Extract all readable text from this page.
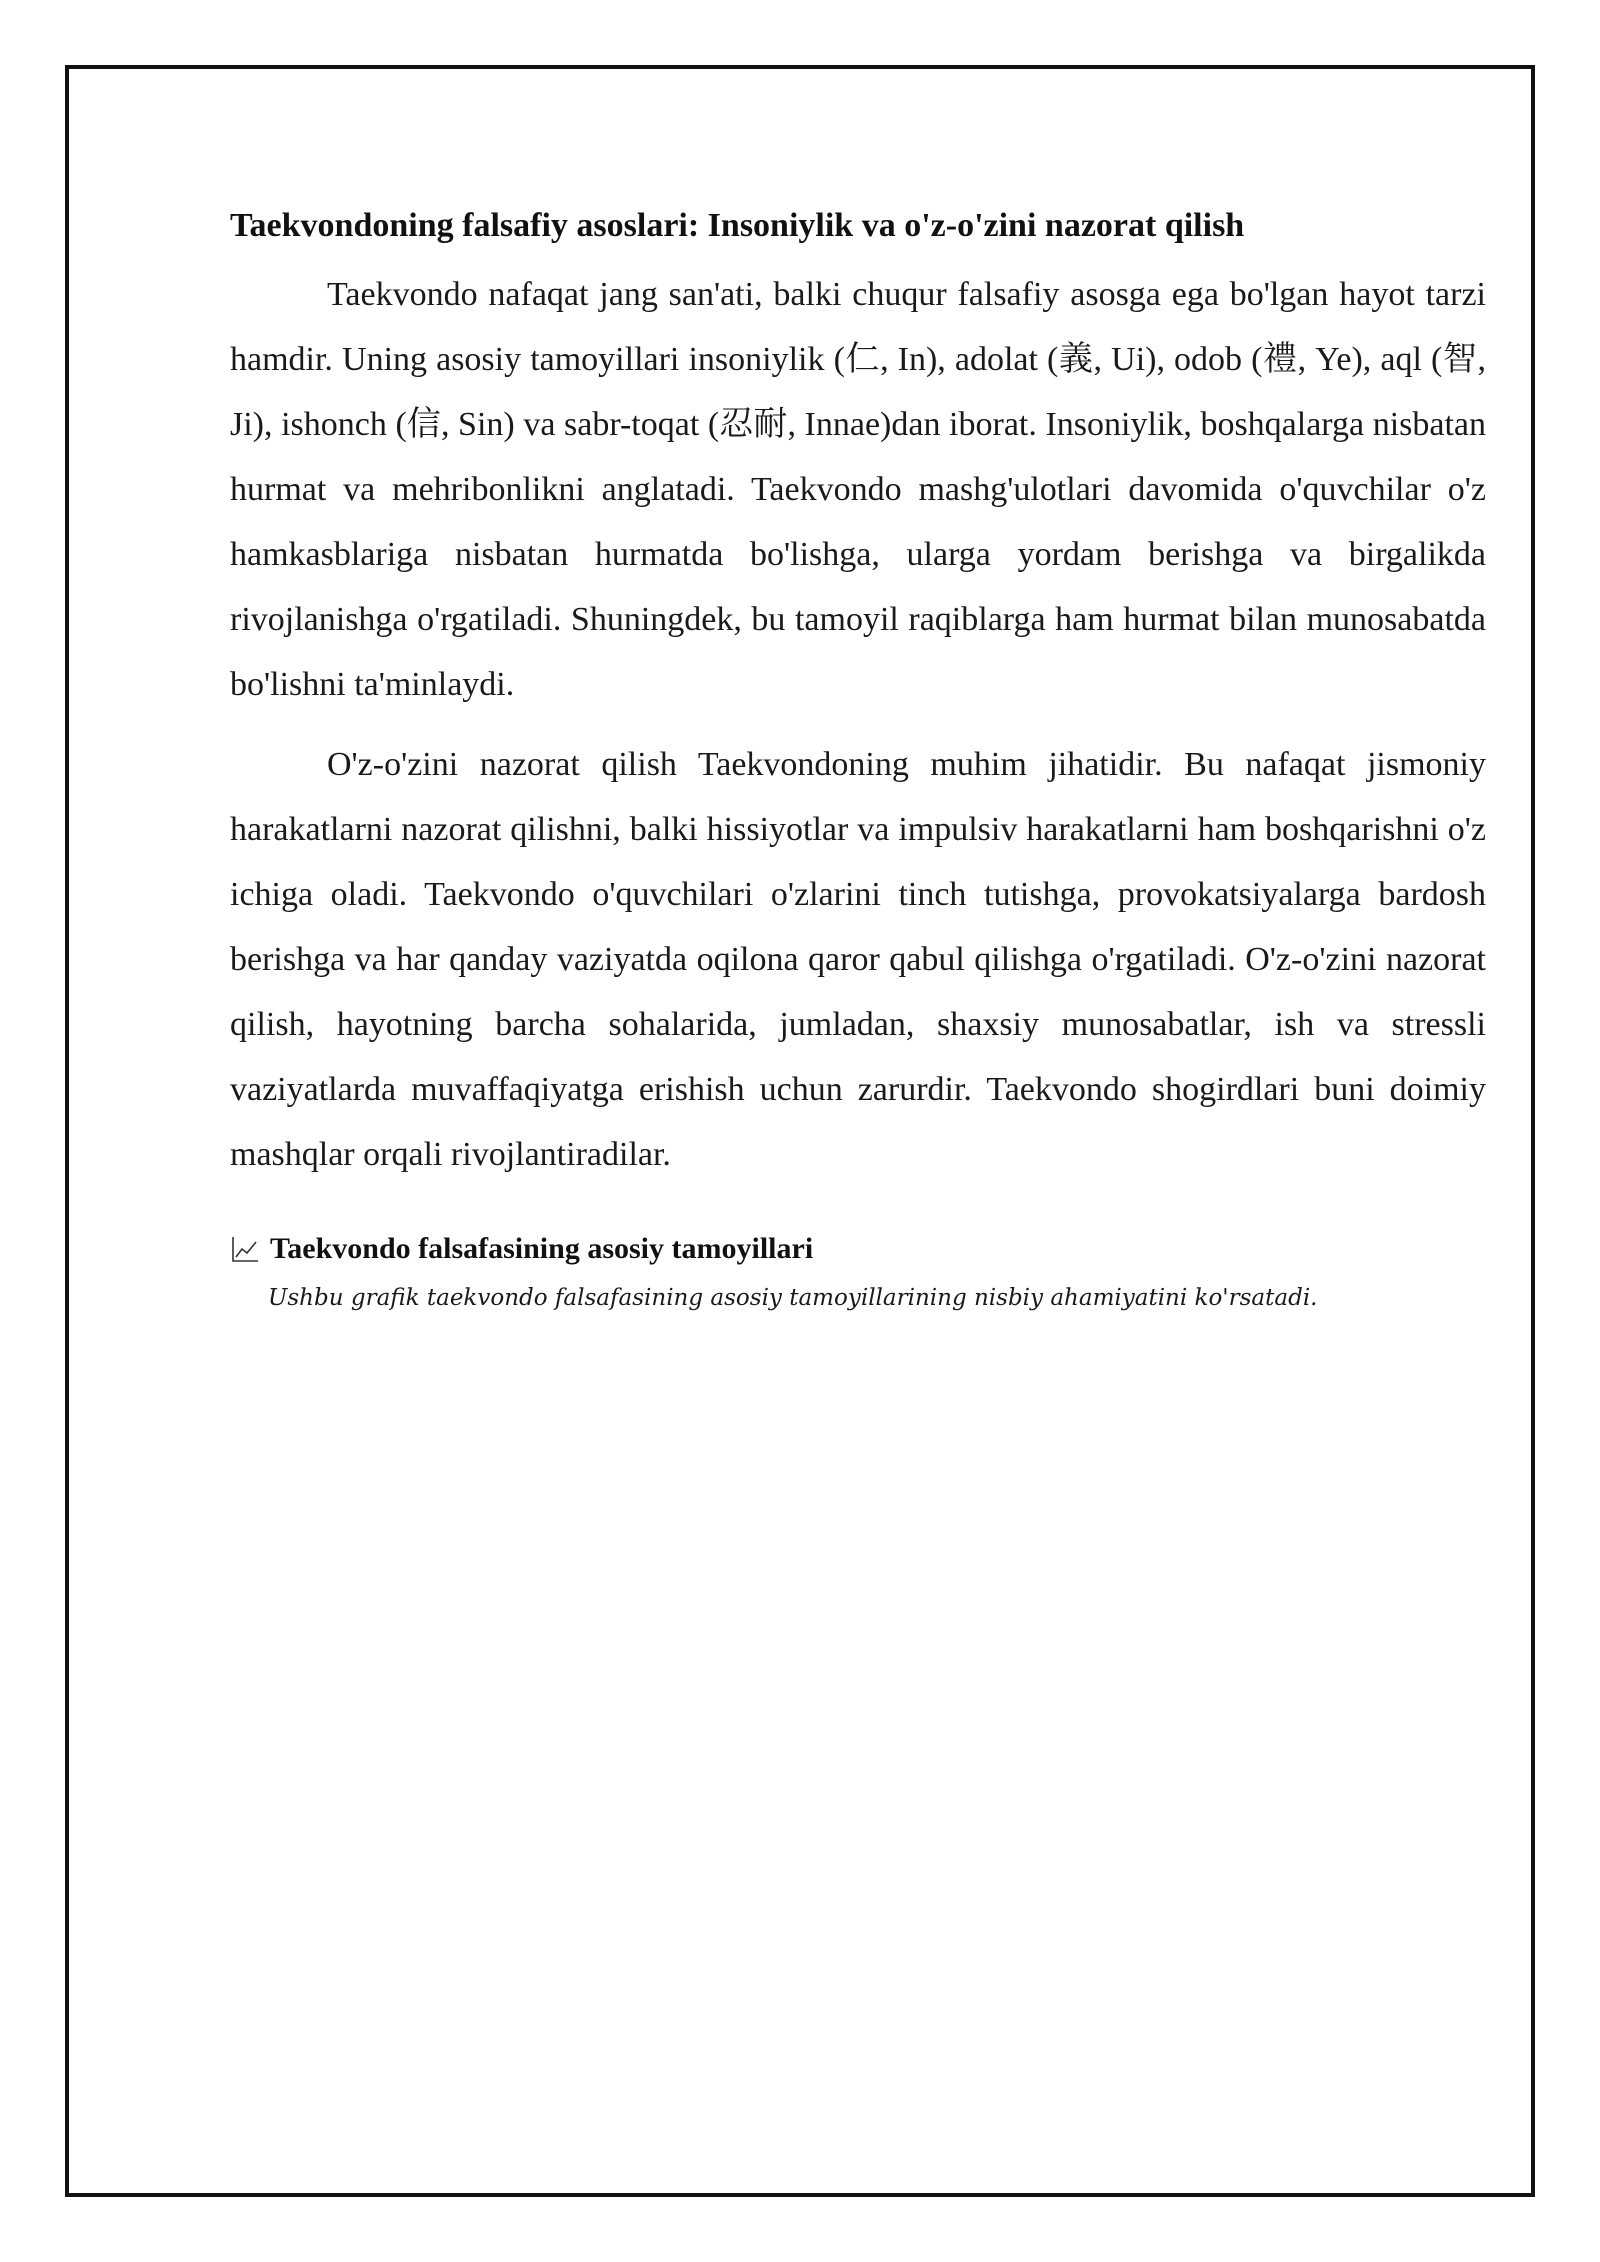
Taekvondoning falsafiy asoslari: Insoniylik va o'z-o'zini nazorat qilish

Taekvondo nafaqat jang san'ati, balki chuqur falsafiy asosga ega bo'lgan hayot tarzi hamdir. Uning asosiy tamoyillari insoniylik (仁, In), adolat (義, Ui), odob (禮, Ye), aql (智, Ji), ishonch (信, Sin) va sabr-toqat (忍耐, Innae)dan iborat. Insoniylik, boshqalarga nisbatan hurmat va mehribonlikni anglatadi. Taekvondo mashg'ulotlari davomida o'quvchilar o'z hamkasblariga nisbatan hurmatda bo'lishga, ularga yordam berishga va birgalikda rivojlanishga o'rgatiladi. Shuningdek, bu tamoyil raqiblarga ham hurmat bilan munosabatda bo'lishni ta'minlaydi.

O'z-o'zini nazorat qilish Taekvondoning muhim jihatidir. Bu nafaqat jismoniy harakatlarni nazorat qilishni, balki hissiyotlar va impulsiv harakatlarni ham boshqarishni o'z ichiga oladi. Taekvondo o'quvchilari o'zlarini tinch tutishga, provokatsiyalarga bardosh berishga va har qanday vaziyatda oqilona qaror qabul qilishga o'rgatiladi. O'z-o'zini nazorat qilish, hayotning barcha sohalarida, jumladan, shaxsiy munosabatlar, ish va stressli vaziyatlarda muvaffaqiyatga erishish uchun zarurdir. Taekvondo shogirdlari buni doimiy mashqlar orqali rivojlantiradilar.

Taekvondo falsafasining asosiy tamoyillari
Ushbu grafik taekvondo falsafasining asosiy tamoyillarining nisbiy ahamiyatini ko'rsatadi.
